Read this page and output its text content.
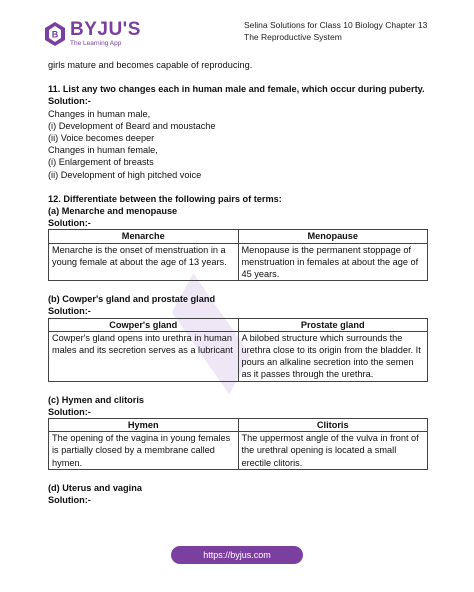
B BYJU'S
The Learning App
Selina Solutions for Class 10 Biology Chapter 13
The Reproductive System

girls mature and becomes capable of reproducing.

11. List any two changes each in human male and female, which occur during puberty.

Solution:-

Changes in human male,

(i) Development of Beard and moustache

(ii) Voice becomes deeper

Changes in human female,

(i) Enlargement of breasts

(ii) Development of high pitched voice

12. Differentiate between the following pairs of terms:

(a) Menarche and menopause

Solution:-

Menarche	Menopause
Menarche is the onset of menstruation in a young female at about the age of 13 years.	Menopause is the permanent stoppage of menstruation in females at about the age of 45 years.

(b) Cowper's gland and prostate gland

Solution:-

Cowper's gland	Prostate gland
Cowper's gland opens into urethra in human males and its secretion serves as a lubricant	A bilobed structure which surrounds the urethra close to its origin from the bladder. It pours an alkaline secretion into the semen as it passes through the urethra.

(c) Hymen and clitoris

Solution:-

Hymen	Clitoris
The opening of the vagina in young females is partially closed by a membrane called hymen.	The uppermost angle of the vulva in front of the urethral opening is located a small erectile clitoris.

(d) Uterus and vagina

Solution:-

https://byjus.com
